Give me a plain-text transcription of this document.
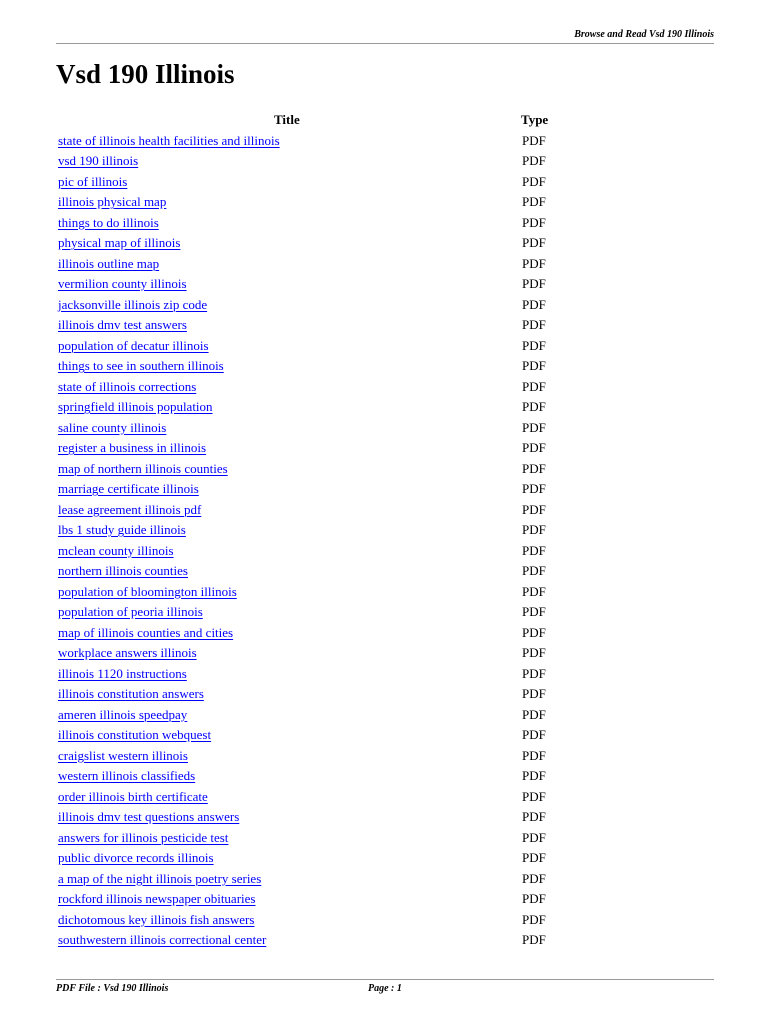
Browse and Read Vsd 190 Illinois
Vsd 190 Illinois
Title	Type
state of illinois health facilities and illinois	PDF
vsd 190 illinois	PDF
pic of illinois	PDF
illinois physical map	PDF
things to do illinois	PDF
physical map of illinois	PDF
illinois outline map	PDF
vermilion county illinois	PDF
jacksonville illinois zip code	PDF
illinois dmv test answers	PDF
population of decatur illinois	PDF
things to see in southern illinois	PDF
state of illinois corrections	PDF
springfield illinois population	PDF
saline county illinois	PDF
register a business in illinois	PDF
map of northern illinois counties	PDF
marriage certificate illinois	PDF
lease agreement illinois pdf	PDF
lbs 1 study guide illinois	PDF
mclean county illinois	PDF
northern illinois counties	PDF
population of bloomington illinois	PDF
population of peoria illinois	PDF
map of illinois counties and cities	PDF
workplace answers illinois	PDF
illinois 1120 instructions	PDF
illinois constitution answers	PDF
ameren illinois speedpay	PDF
illinois constitution webquest	PDF
craigslist western illinois	PDF
western illinois classifieds	PDF
order illinois birth certificate	PDF
illinois dmv test questions answers	PDF
answers for illinois pesticide test	PDF
public divorce records illinois	PDF
a map of the night illinois poetry series	PDF
rockford illinois newspaper obituaries	PDF
dichotomous key illinois fish answers	PDF
southwestern illinois correctional center	PDF
PDF File : Vsd 190 Illinois	Page : 1
